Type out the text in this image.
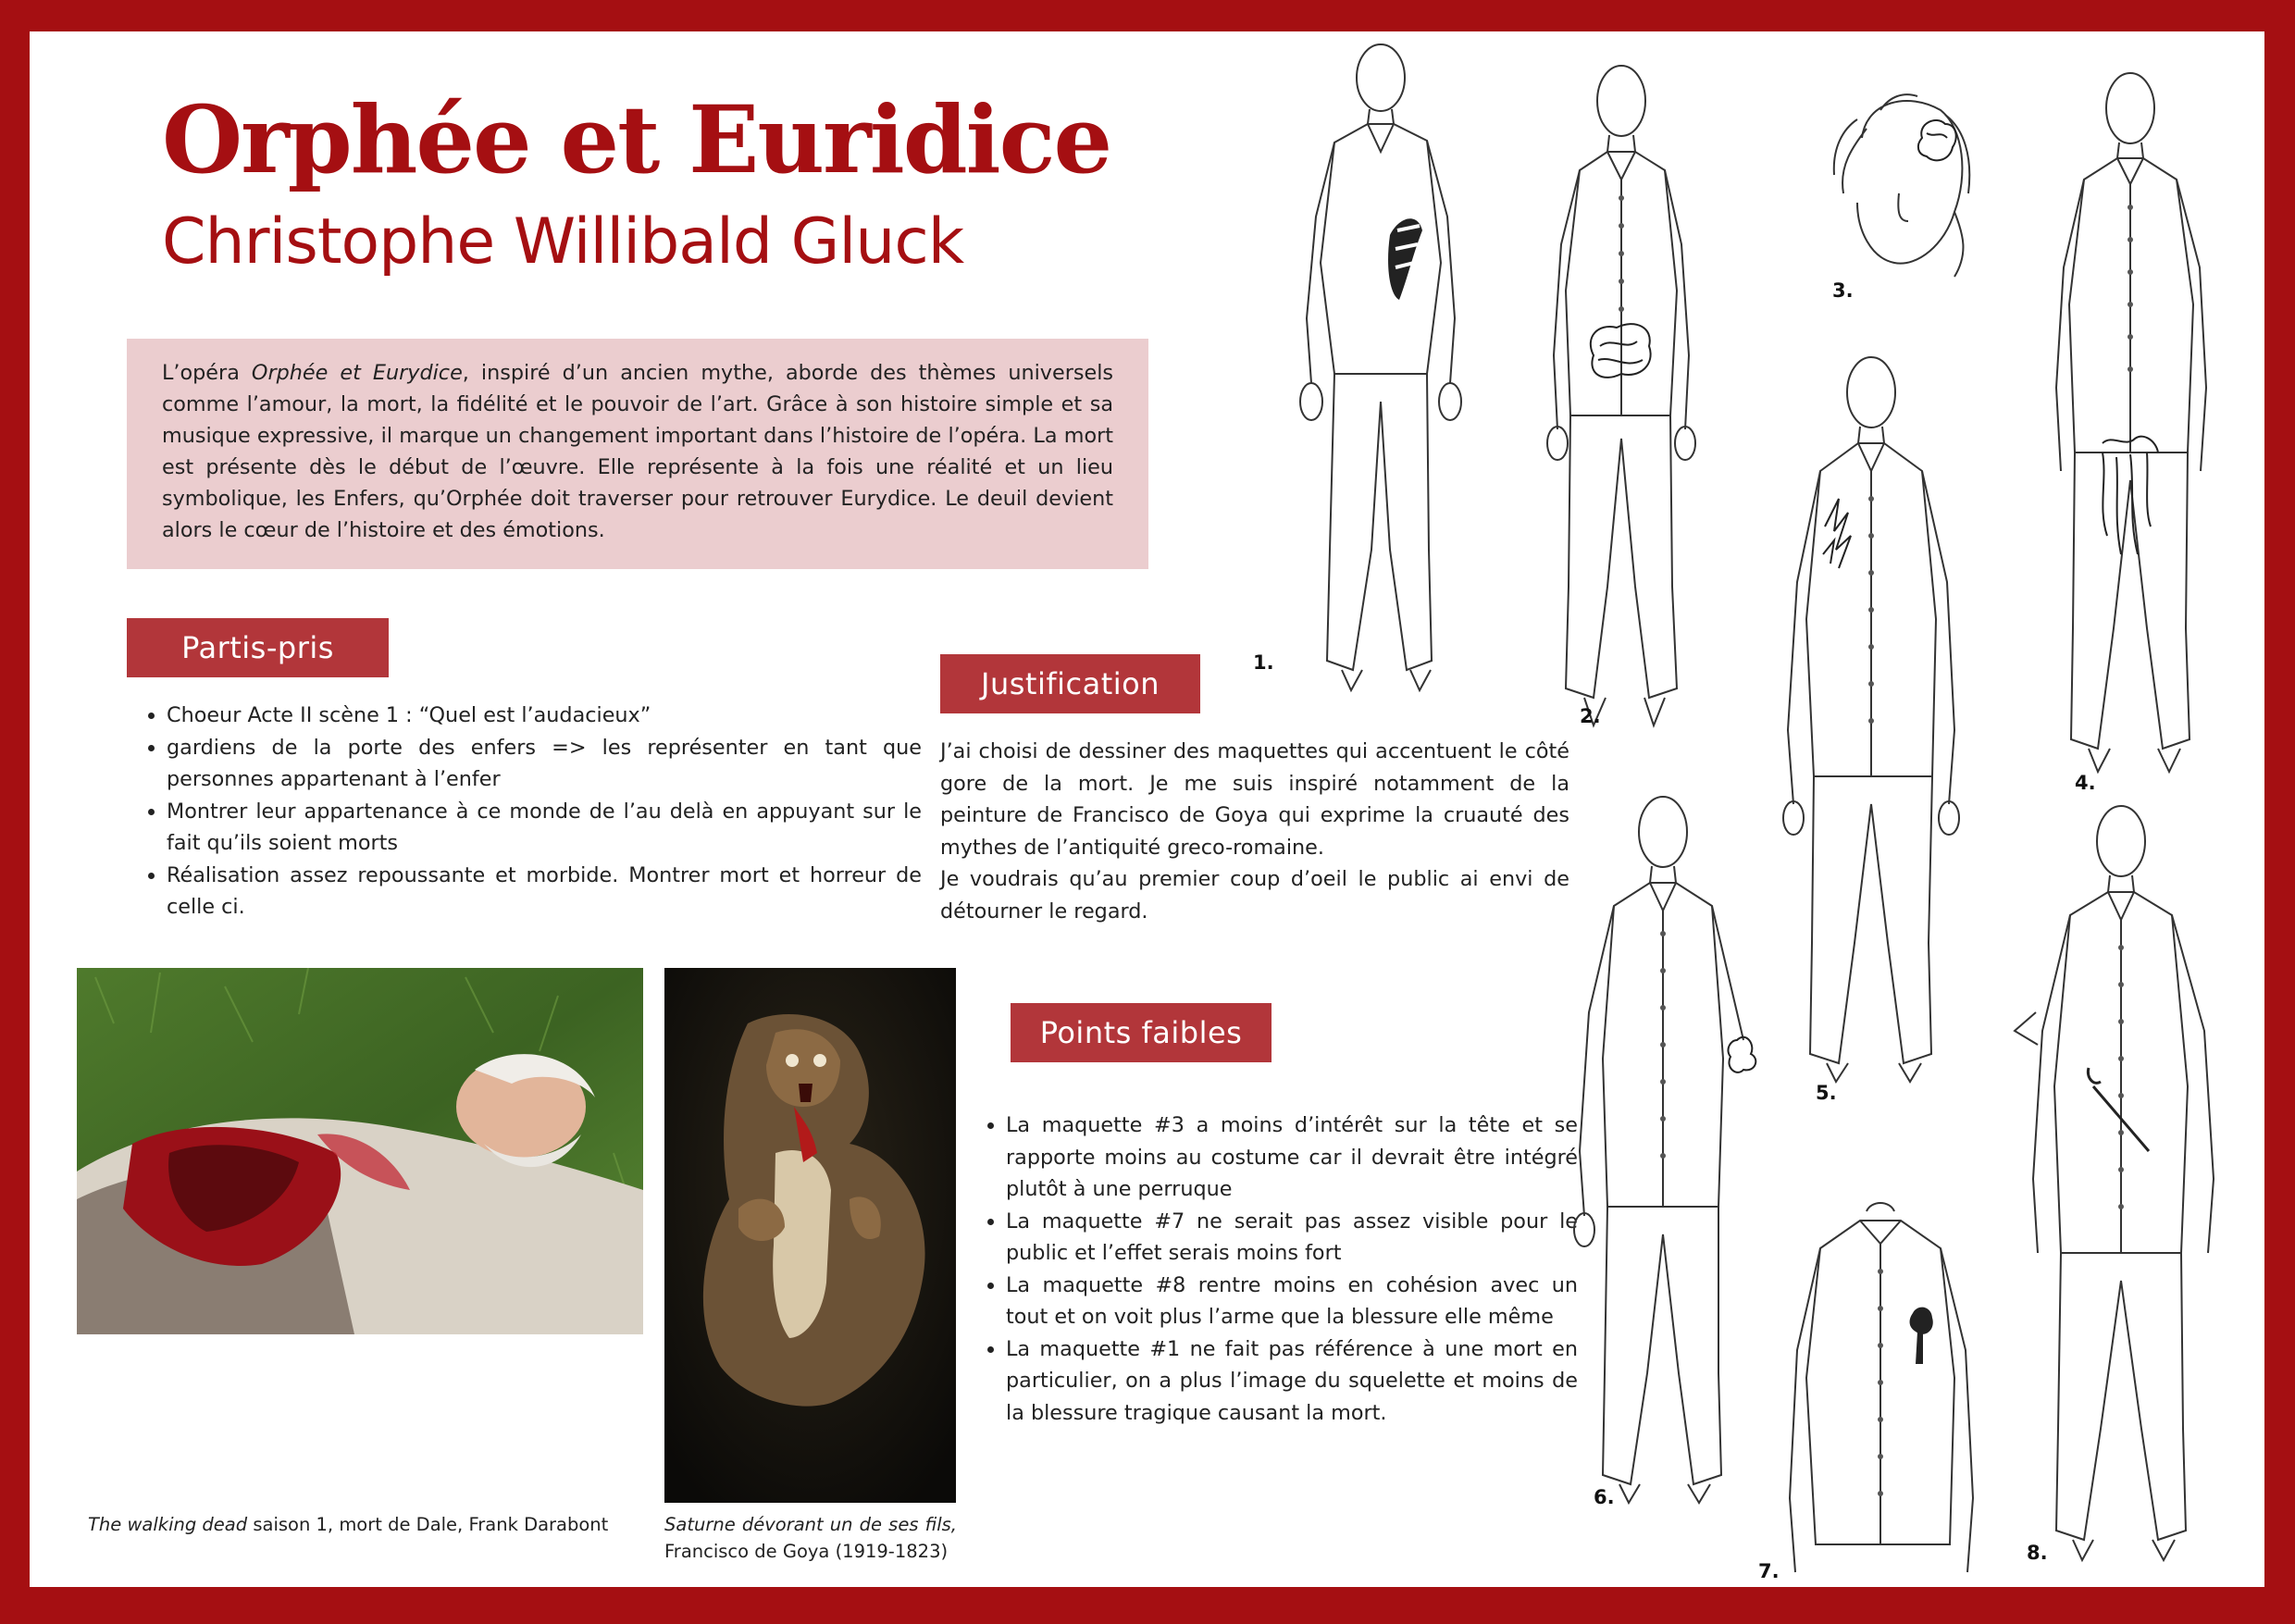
Orphée et Euridice
Christophe Willibald Gluck

L’opéra Orphée et Eurydice, inspiré d’un ancien mythe, aborde des thèmes universels comme l’amour, la mort, la fidélité et le pouvoir de l’art. Grâce à son histoire simple et sa musique expressive, il marque un changement important dans l’histoire de l’opéra. La mort est présente dès le début de l’œuvre. Elle représente à la fois une réalité et un lieu symbolique, les Enfers, qu’Orphée doit traverser pour retrouver Eurydice. Le deuil devient alors le cœur de l’histoire et des émotions.

Partis-pris
• Choeur Acte II scène 1 : “Quel est l’audacieux”
• gardiens de la porte des enfers => les représenter en tant que personnes appartenant à l’enfer
• Montrer leur appartenance à ce monde de l’au delà en appuyant sur le fait qu’ils soient morts
• Réalisation assez repoussante et morbide. Montrer mort et horreur de celle ci.
Justification

J’ai choisi de dessiner des maquettes qui accentuent le côté gore de la mort. Je me suis inspiré notamment de la peinture de Francisco de Goya qui exprime la cruauté des mythes de l’antiquité greco-romaine.
Je voudrais qu’au premier coup d’oeil le public ai envi de détourner le regard.

Points faibles
• La maquette #3 a moins d’intérêt sur la tête et se rapporte moins au costume car il devrait être intégré plutôt à une perruque
• La maquette #7 ne serait pas assez visible pour le public et l’effet serais moins fort
• La maquette #8 rentre moins en cohésion avec un tout et on voit plus l’arme que la blessure elle même
• La maquette #1 ne fait pas référence à une mort en particulier, on a plus l’image du squelette et moins de la blessure tragique causant la mort.
The walking dead saison 1, mort de Dale, Frank Darabont	Saturne dévorant un de ses fils,
Francisco de Goya (1919-1823)
1.
2.
3.
4.
5.
6.
7.
8.
